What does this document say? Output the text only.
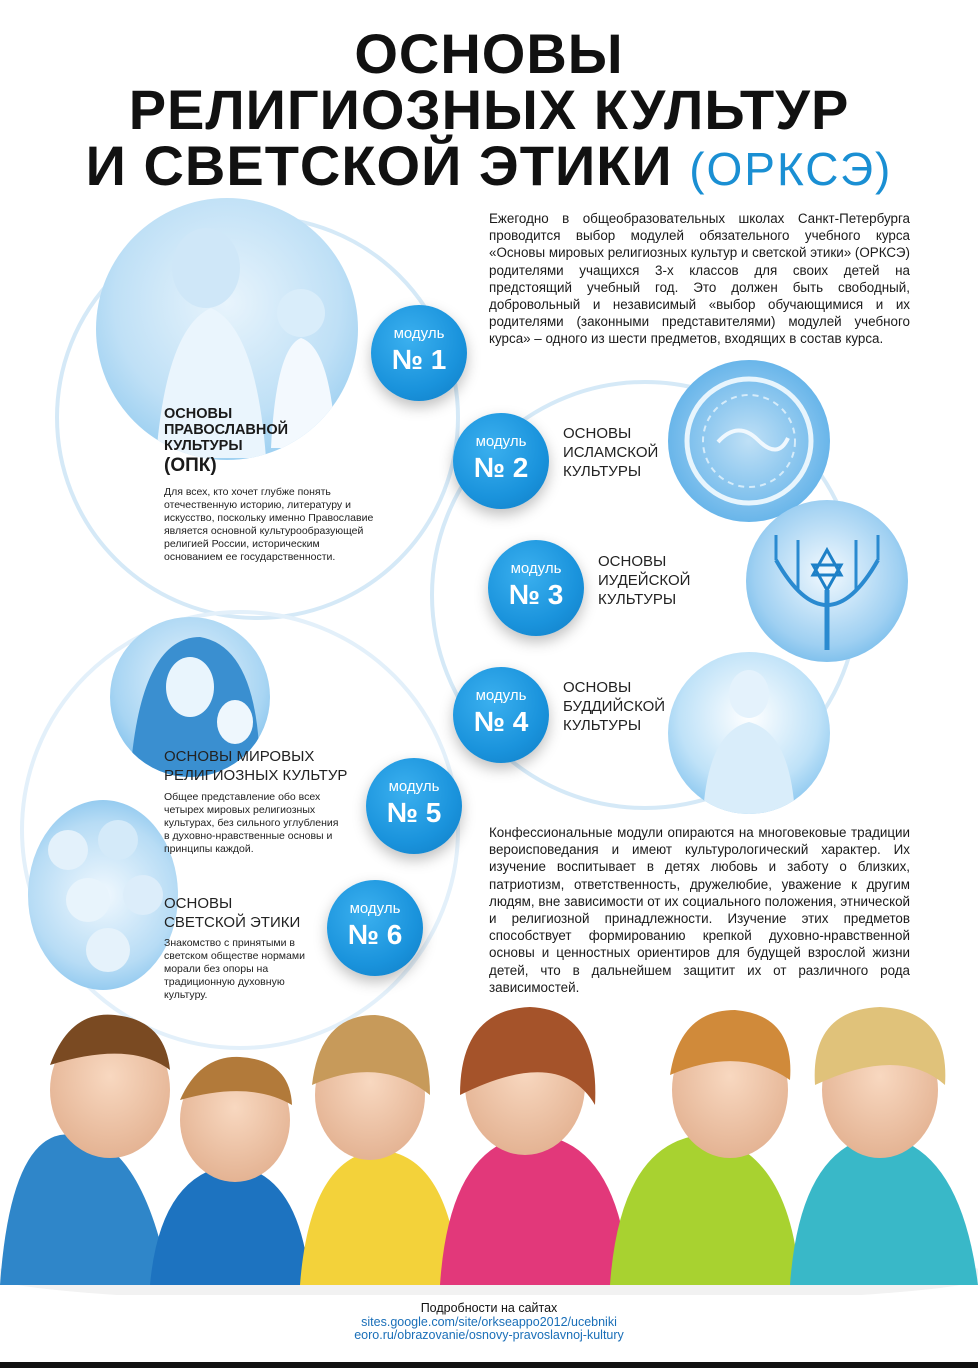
ОСНОВЫ
РЕЛИГИОЗНЫХ КУЛЬТУР
И СВЕТСКОЙ ЭТИКИ (ОРКСЭ)
Ежегодно в общеобразовательных школах Санкт-Петербурга проводится выбор модулей обязательного учебного курса «Основы мировых религиозных культур и светской этики» (ОРКСЭ) родителями учащихся 3-х классов для своих детей на предстоящий учебный год. Это должен быть свободный, добровольный и независимый «выбор обучающимися и их родителями (законными представителями) модулей учебного курса» – одного из шести предметов, входящих в состав курса.
модуль
№ 1
модуль
№ 2
модуль
№ 3
модуль
№ 4
модуль
№ 5
модуль
№ 6
ОСНОВЫ ПРАВОСЛАВНОЙ КУЛЬТУРЫ
(ОПК)
Для всех, кто хочет глубже понять отечественную историю, литературу и искусство, поскольку именно Православие является основной культурообразующей религией России, историческим основанием ее государственности.
ОСНОВЫ
ИСЛАМСКОЙ
КУЛЬТУРЫ
ОСНОВЫ
ИУДЕЙСКОЙ
КУЛЬТУРЫ
ОСНОВЫ
БУДДИЙСКОЙ
КУЛЬТУРЫ
ОСНОВЫ МИРОВЫХ
РЕЛИГИОЗНЫХ КУЛЬТУР
Общее представление обо всех четырех мировых религиозных культурах, без сильного углубления в духовно-нравственные основы и принципы каждой.
ОСНОВЫ
СВЕТСКОЙ ЭТИКИ
Знакомство с принятыми в светском обществе нормами морали без опоры на традиционную духовную культуру.
Конфессиональные модули опираются на многовековые традиции вероисповедания и имеют культурологический характер. Их изучение воспитывает в детях любовь и заботу о близких, патриотизм, ответственность, дружелюбие, уважение к другим людям, вне зависимости от их социального положения, этнической и религиозной принадлежности. Изучение этих предметов способствует формированию крепкой духовно-нравственной основы и ценностных ориентиров для будущей взрослой жизни детей, что в дальнейшем защитит их от различного рода зависимостей.
Подробности на сайтах
sites.google.com/site/orkseappo2012/ucebniki
eoro.ru/obrazovanie/osnovy-pravoslavnoj-kultury
